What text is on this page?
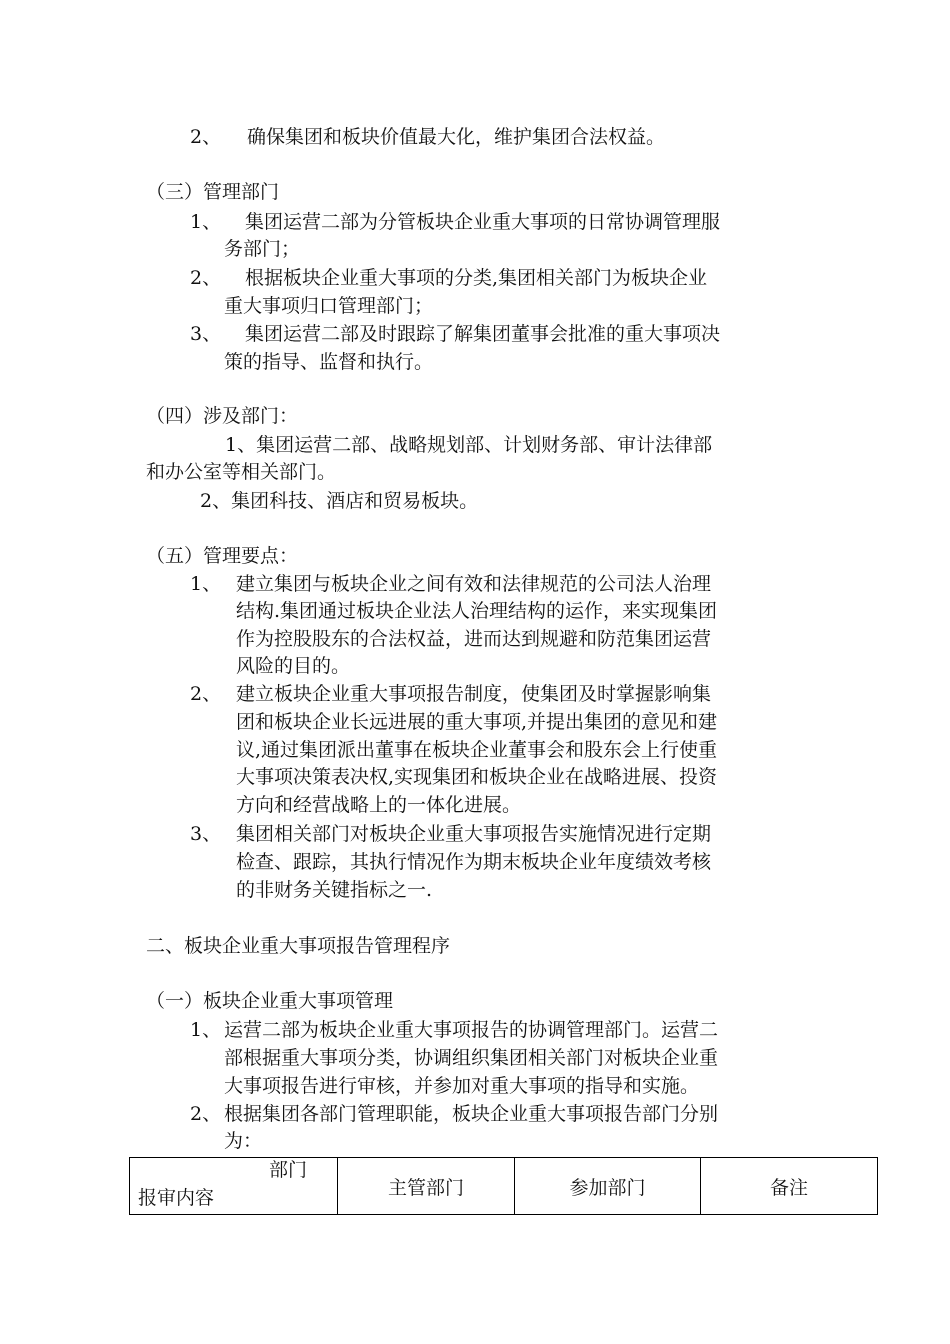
2、 确保集团和板块价值最大化，维护集团合法权益。
（三）管理部门
1、 集团运营二部为分管板块企业重大事项的日常协调管理服
务部门；
2、 根据板块企业重大事项的分类,集团相关部门为板块企业
重大事项归口管理部门；
3、 集团运营二部及时跟踪了解集团董事会批准的重大事项决
策的指导、监督和执行。
（四）涉及部门：
1、集团运营二部、战略规划部、计划财务部、审计法律部
和办公室等相关部门。
2、集团科技、酒店和贸易板块。
（五）管理要点：
1、 建立集团与板块企业之间有效和法律规范的公司法人治理
结构.集团通过板块企业法人治理结构的运作，来实现集团
作为控股股东的合法权益，进而达到规避和防范集团运营
风险的目的。
2、 建立板块企业重大事项报告制度，使集团及时掌握影响集
团和板块企业长远进展的重大事项,并提出集团的意见和建
议,通过集团派出董事在板块企业董事会和股东会上行使重
大事项决策表决权,实现集团和板块企业在战略进展、投资
方向和经营战略上的一体化进展。
3、 集团相关部门对板块企业重大事项报告实施情况进行定期
检查、跟踪，其执行情况作为期末板块企业年度绩效考核
的非财务关键指标之一.
二、板块企业重大事项报告管理程序
（一）板块企业重大事项管理
1、 运营二部为板块企业重大事项报告的协调管理部门。运营二
部根据重大事项分类，协调组织集团相关部门对板块企业重
大事项报告进行审核，并参加对重大事项的指导和实施。
2、 根据集团各部门管理职能，板块企业重大事项报告部门分别
为：
部门
报审内容	主管部门	参加部门	备注
